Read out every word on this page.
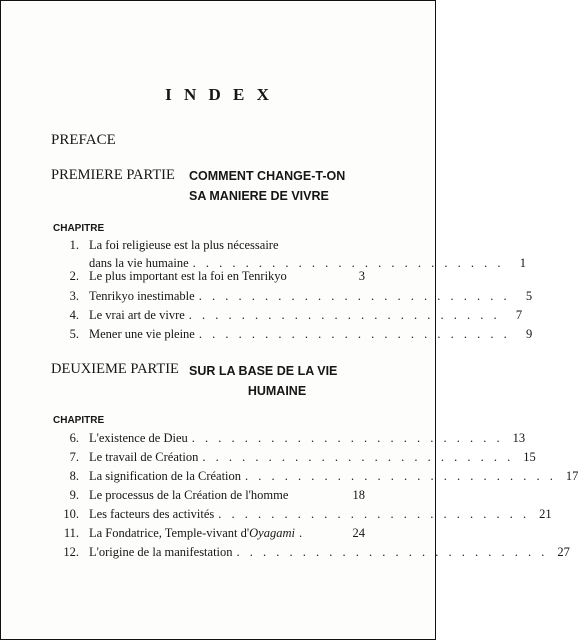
I N D E X
PREFACE
PREMIERE PARTIE COMMENT CHANGE-T-ON
SA MANIERE DE VIVRE
CHAPITRE
1. La foi religieuse est la plus nécessaire
dans la vie humaine . . . . . . . . . . . . . . . . . . . . . . . .	1
2. Le plus important est la foi en Tenrikyo	3
3. Tenrikyo inestimable . . . . . . . . . . . . . . . . . . . . . . . .	5
4. Le vrai art de vivre . . . . . . . . . . . . . . . . . . . . . . . .	7
5. Mener une vie pleine . . . . . . . . . . . . . . . . . . . . . . . .	9
DEUXIEME PARTIE SUR LA BASE DE LA VIE
HUMAINE
CHAPITRE
6. L'existence de Dieu . . . . . . . . . . . . . . . . . . . . . . . . 13
7. Le travail de Création . . . . . . . . . . . . . . . . . . . . . . . . 15
8. La signification de la Création . . . . . . . . . . . . . . . . . . . . . . . . 17
9. Le processus de la Création de l'homme	18
10. Les facteurs des activités . . . . . . . . . . . . . . . . . . . . . . . . 21
11. La Fondatrice, Temple-vivant d'Oyagami .	24
12. L'origine de la manifestation . . . . . . . . . . . . . . . . . . . . . . . . 27
